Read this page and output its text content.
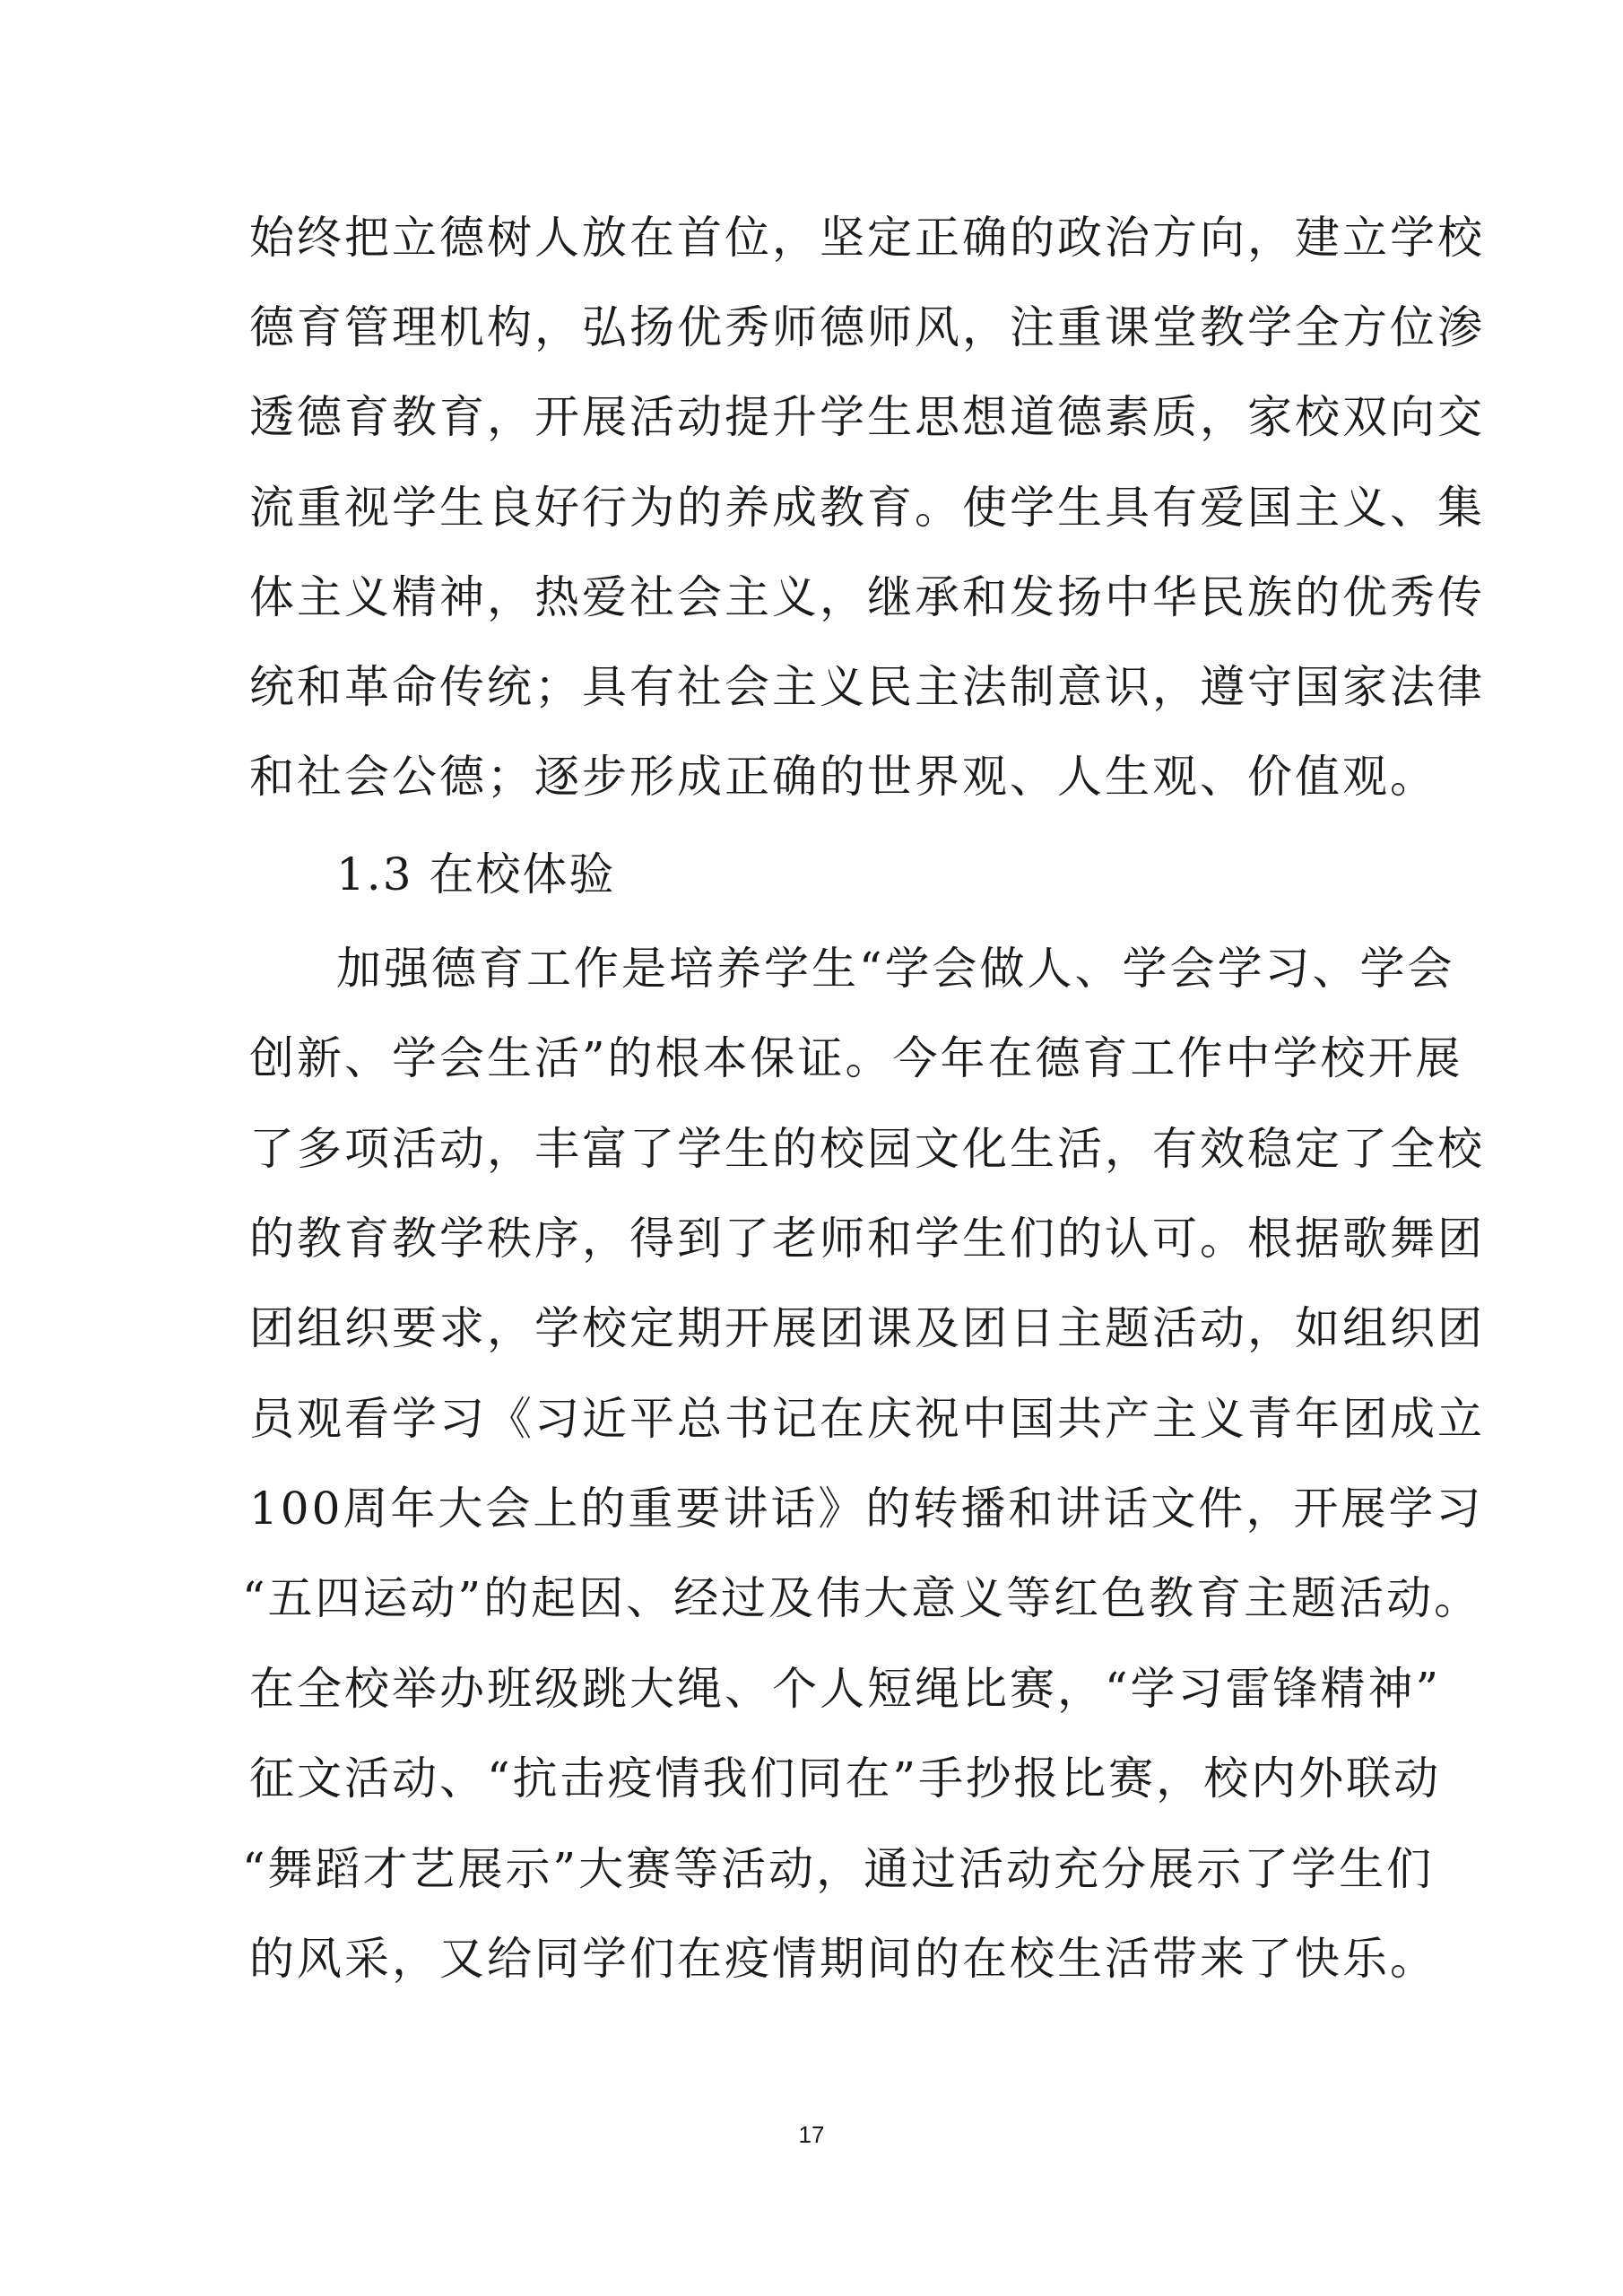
始终把立德树人放在首位，坚定正确的政治方向，建立学校
德育管理机构，弘扬优秀师德师风，注重课堂教学全方位渗
透德育教育，开展活动提升学生思想道德素质，家校双向交
流重视学生良好行为的养成教育。使学生具有爱国主义、集
体主义精神，热爱社会主义，继承和发扬中华民族的优秀传
统和革命传统；具有社会主义民主法制意识，遵守国家法律
和社会公德；逐步形成正确的世界观、人生观、价值观。
1.3 在校体验
加强德育工作是培养学生“学会做人、学会学习、学会
创新、学会生活”的根本保证。今年在德育工作中学校开展
了多项活动，丰富了学生的校园文化生活，有效稳定了全校
的教育教学秩序，得到了老师和学生们的认可。根据歌舞团
团组织要求，学校定期开展团课及团日主题活动，如组织团
员观看学习《习近平总书记在庆祝中国共产主义青年团成立
100周年大会上的重要讲话》的转播和讲话文件，开展学习
“五四运动”的起因、经过及伟大意义等红色教育主题活动。
在全校举办班级跳大绳、个人短绳比赛，“学习雷锋精神”
征文活动、“抗击疫情我们同在”手抄报比赛，校内外联动
“舞蹈才艺展示”大赛等活动，通过活动充分展示了学生们
的风采，又给同学们在疫情期间的在校生活带来了快乐。
17
